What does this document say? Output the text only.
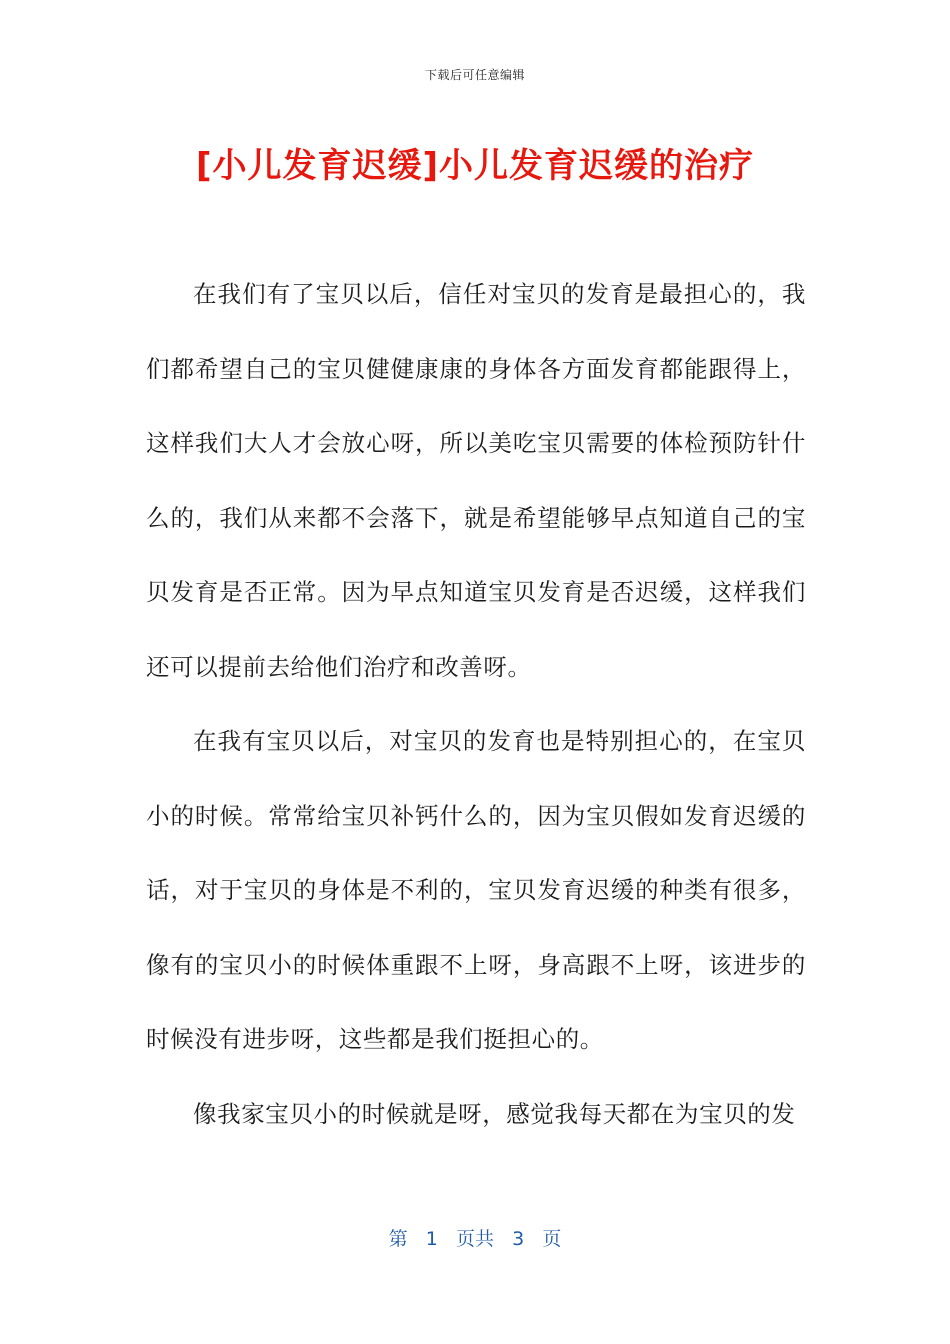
下载后可任意编辑
[小儿发育迟缓]小儿发育迟缓的治疗

在我们有了宝贝以后，信任对宝贝的发育是最担心的，我们都希望自己的宝贝健健康康的身体各方面发育都能跟得上，这样我们大人才会放心呀，所以美吃宝贝需要的体检预防针什么的，我们从来都不会落下，就是希望能够早点知道自己的宝贝发育是否正常。因为早点知道宝贝发育是否迟缓，这样我们还可以提前去给他们治疗和改善呀。

在我有宝贝以后，对宝贝的发育也是特别担心的，在宝贝小的时候。常常给宝贝补钙什么的，因为宝贝假如发育迟缓的话，对于宝贝的身体是不利的，宝贝发育迟缓的种类有很多，像有的宝贝小的时候体重跟不上呀，身高跟不上呀，该进步的时候没有进步呀，这些都是我们挺担心的。

像我家宝贝小的时候就是呀，感觉我每天都在为宝贝的发

第 1 页共 3 页
